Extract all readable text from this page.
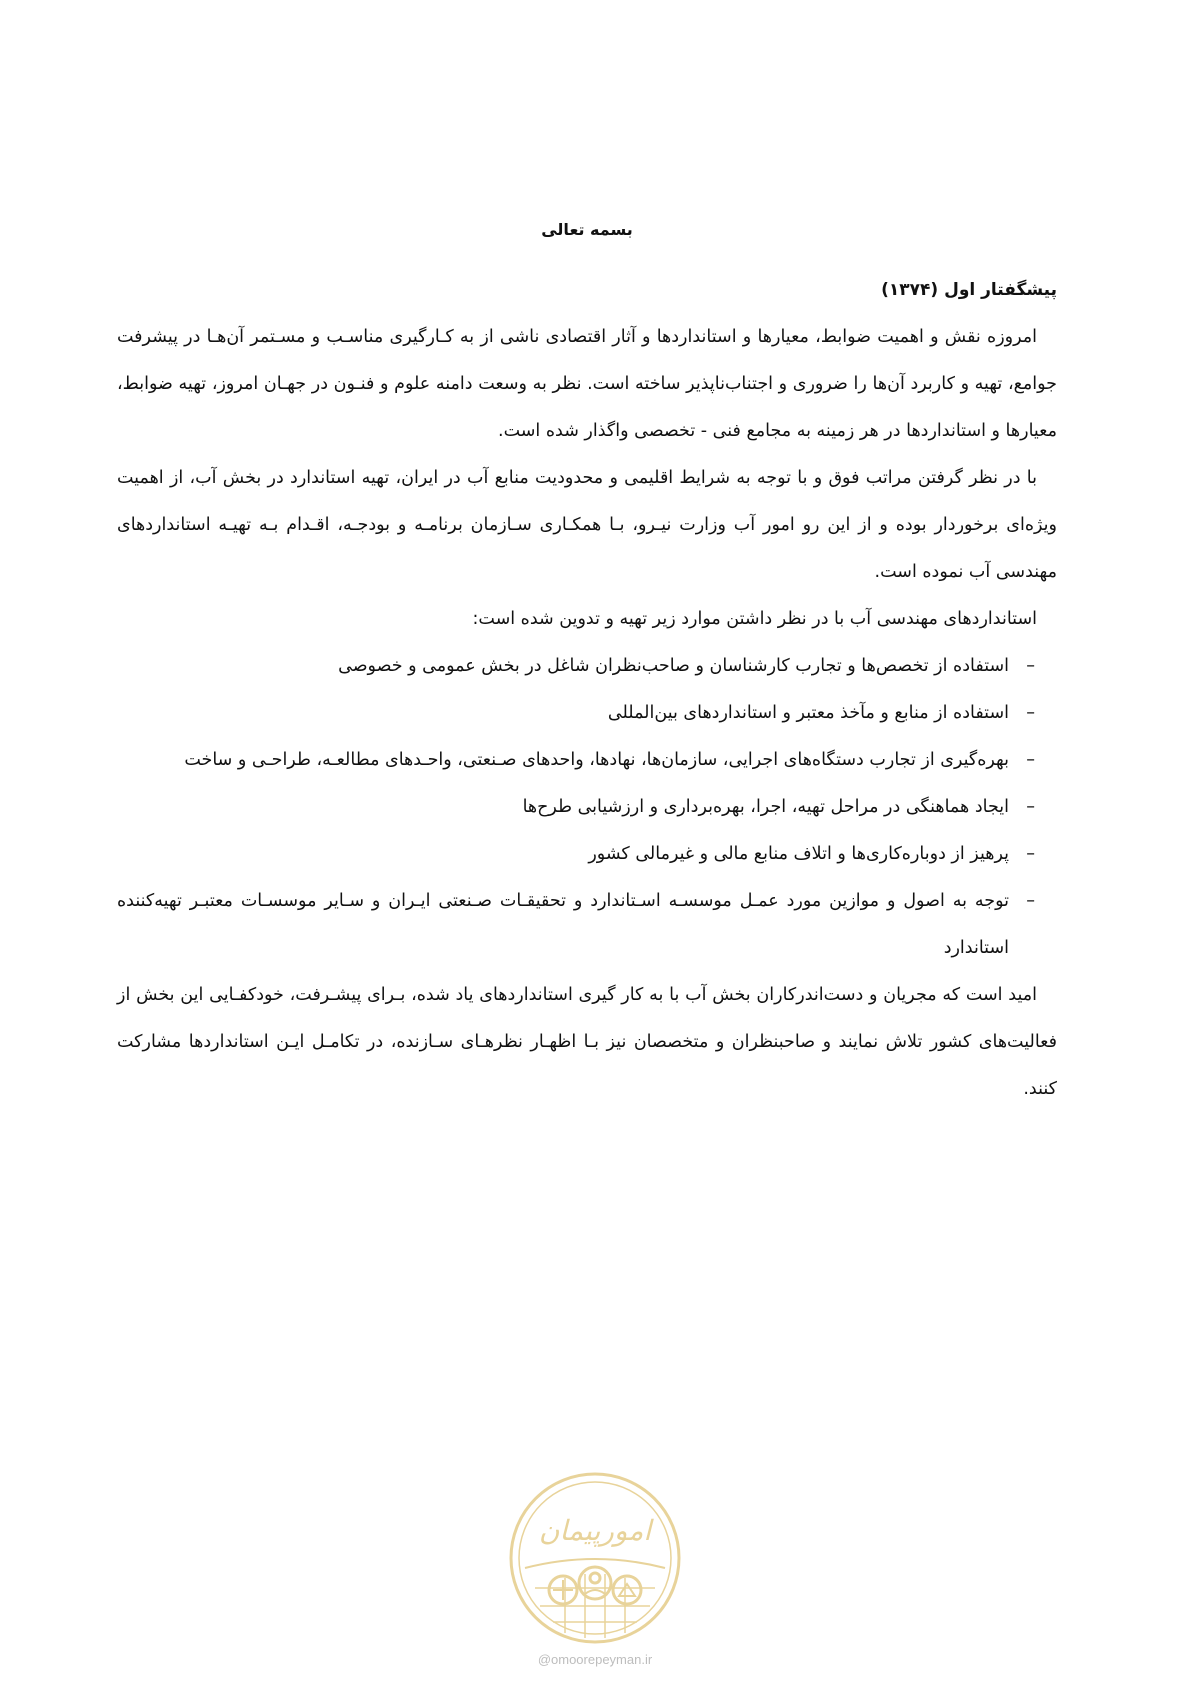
بسمه تعالی
پیشگفتار اول (۱۳۷۴)

امروزه نقش و اهمیت ضوابط، معیارها و استانداردها و آثار اقتصادی ناشی از به کـارگیری مناسـب و مسـتمر آن‌هـا در پیشرفت جوامع، تهیه و کاربرد آن‌ها را ضروری و اجتناب‌ناپذیر ساخته است. نظر به وسعت دامنه علوم و فنـون در جهـان امروز، تهیه ضوابط، معیارها و استانداردها در هر زمینه به مجامع فنی - تخصصی واگذار شده است.

با در نظر گرفتن مراتب فوق و با توجه به شرایط اقلیمی و محدودیت منابع آب در ایران، تهیه استاندارد در بخش آب، از اهمیت ویژه‌ای برخوردار بوده و از این رو امور آب وزارت نیـرو، بـا همکـاری سـازمان برنامـه و بودجـه، اقـدام بـه تهیـه استانداردهای مهندسی آب نموده است.

استانداردهای مهندسی آب با در نظر داشتن موارد زیر تهیه و تدوین شده است:

–
استفاده از تخصص‌ها و تجارب کارشناسان و صاحب‌نظران شاغل در بخش عمومی و خصوصی
–
استفاده از منابع و مآخذ معتبر و استانداردهای بین‌المللی
–
بهره‌گیری از تجارب دستگاه‌های اجرایی، سازمان‌ها، نهادها، واحدهای صـنعتی، واحـدهای مطالعـه، طراحـی و ساخت
–
ایجاد هماهنگی در مراحل تهیه، اجرا، بهره‌برداری و ارزشیابی طرح‌ها
–
پرهیز از دوباره‌کاری‌ها و اتلاف منابع مالی و غیرمالی کشور
–
توجه به اصول و موازین مورد عمـل موسسـه اسـتاندارد و تحقیقـات صـنعتی ایـران و سـایر موسسـات معتبـر تهیه‌کننده استاندارد

امید است که مجریان و دست‌اندرکاران بخش آب با به کار گیری استانداردهای یاد شده، بـرای پیشـرفت، خودکفـایی این بخش از فعالیت‌های کشور تلاش نمایند و صاحبنظران و متخصصان نیز بـا اظهـار نظرهـای سـازنده، در تکامـل ایـن استانداردها مشارکت کنند.

امورپیمان
@omoorepeyman.ir
